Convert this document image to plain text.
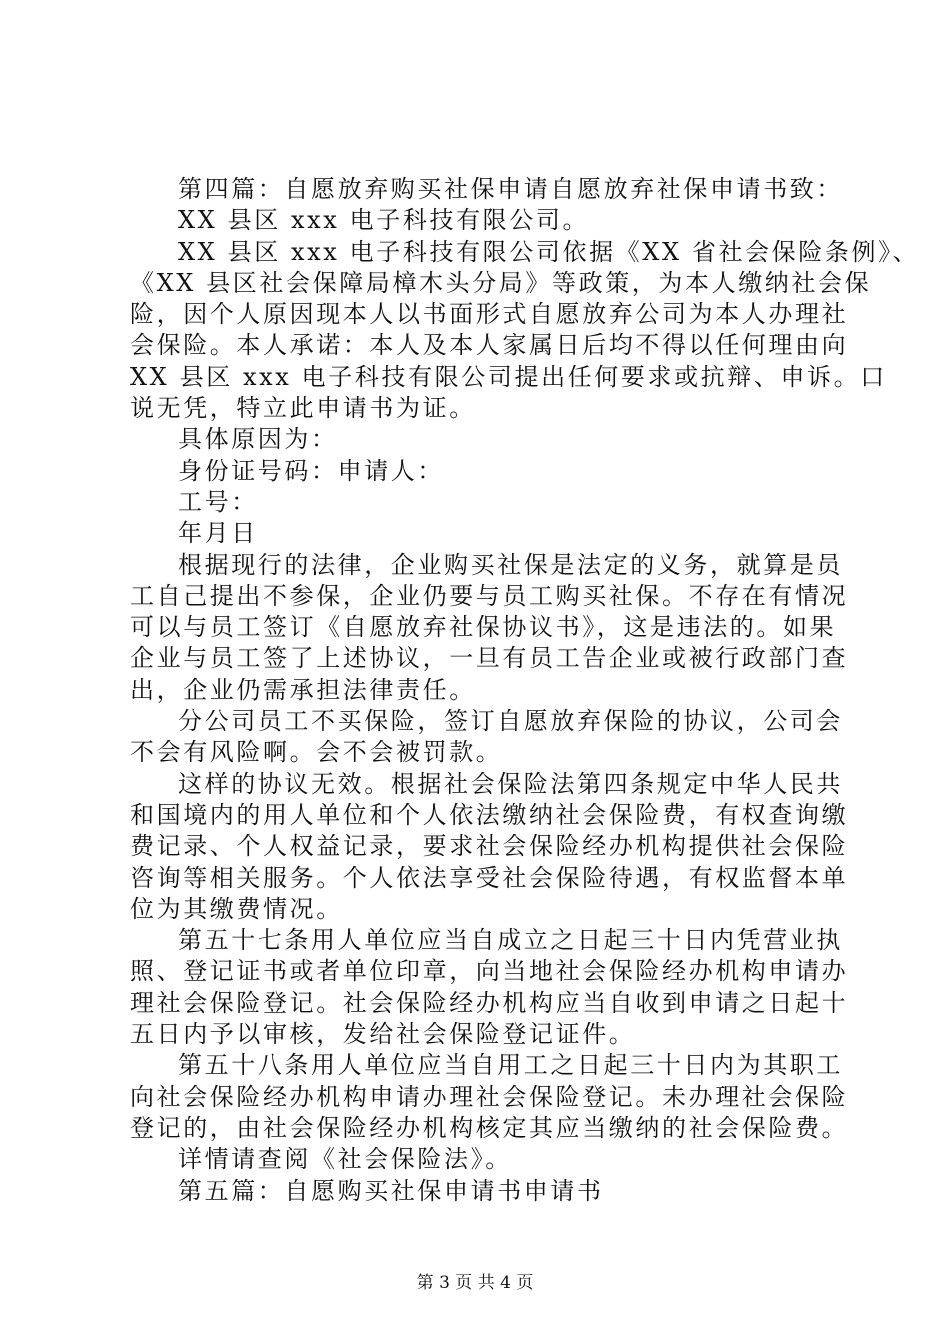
第四篇：自愿放弃购买社保申请自愿放弃社保申请书致：
XX 县区 xxx 电子科技有限公司。
XX 县区 xxx 电子科技有限公司依据《XX 省社会保险条例》、
《XX 县区社会保障局樟木头分局》等政策，为本人缴纳社会保
险，因个人原因现本人以书面形式自愿放弃公司为本人办理社
会保险。本人承诺：本人及本人家属日后均不得以任何理由向
XX 县区 xxx 电子科技有限公司提出任何要求或抗辩、申诉。口
说无凭，特立此申请书为证。
具体原因为：
身份证号码：申请人：
工号：
年月日
根据现行的法律，企业购买社保是法定的义务，就算是员
工自己提出不参保，企业仍要与员工购买社保。不存在有情况
可以与员工签订《自愿放弃社保协议书》，这是违法的。如果
企业与员工签了上述协议，一旦有员工告企业或被行政部门查
出，企业仍需承担法律责任。
分公司员工不买保险，签订自愿放弃保险的协议，公司会
不会有风险啊。会不会被罚款。
这样的协议无效。根据社会保险法第四条规定中华人民共
和国境内的用人单位和个人依法缴纳社会保险费，有权查询缴
费记录、个人权益记录，要求社会保险经办机构提供社会保险
咨询等相关服务。个人依法享受社会保险待遇，有权监督本单
位为其缴费情况。
第五十七条用人单位应当自成立之日起三十日内凭营业执
照、登记证书或者单位印章，向当地社会保险经办机构申请办
理社会保险登记。社会保险经办机构应当自收到申请之日起十
五日内予以审核，发给社会保险登记证件。
第五十八条用人单位应当自用工之日起三十日内为其职工
向社会保险经办机构申请办理社会保险登记。未办理社会保险
登记的，由社会保险经办机构核定其应当缴纳的社会保险费。
详情请查阅《社会保险法》。
第五篇：自愿购买社保申请书申请书
第 3 页 共 4 页
